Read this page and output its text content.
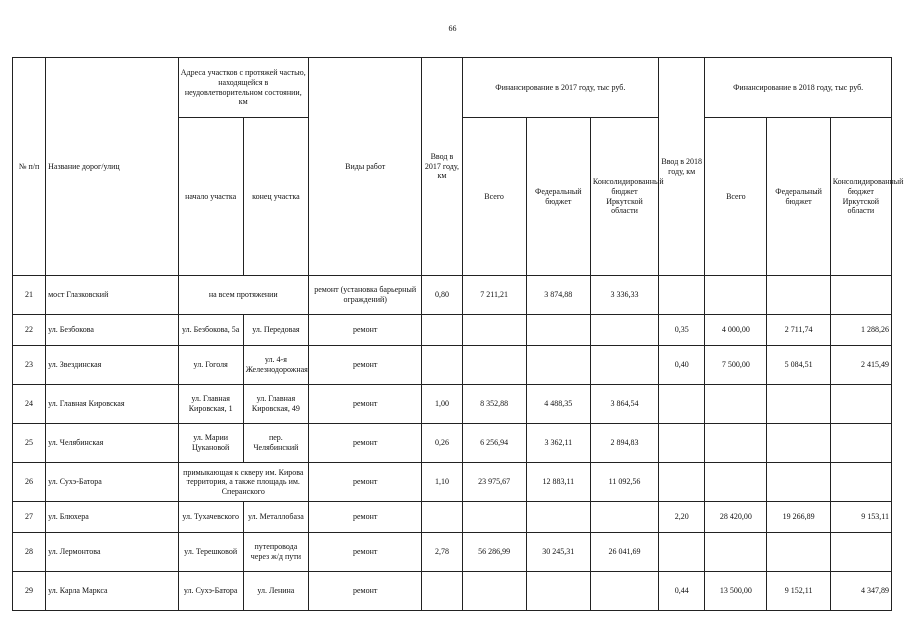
66
№ п/п	Название дорог/улиц	Адреса участков с протяжей частью, находящейся в неудовлетворительном состоянии, км		Виды работ	Ввод в 2017 году, км	Финансирование в 2017 году, тыс руб.			Ввод в 2018 году, км	Финансирование в 2018 году, тыс руб.		
		начало участка	конец участка			Всего	Федеральный бюджет	Консолидированный бюджет Иркутской области		Всего	Федеральный бюджет	Консолидированный бюджет Иркутской области
21	мост Глазковский	на всем протяжении		ремонт (установка барьерный ограждений)	0,80	7 211,21	3 874,88	3 336,33				
22	ул. Безбокова	ул. Безбокова, 5а	ул. Передовая	ремонт					0,35	4 000,00	2 711,74	1 288,26
23	ул. Звездинская	ул. Гоголя	ул. 4-я Железнодорожная	ремонт					0,40	7 500,00	5 084,51	2 415,49
24	ул. Главная Кировская	ул. Главная Кировская, 1	ул. Главная Кировская, 49	ремонт	1,00	8 352,88	4 488,35	3 864,54				
25	ул. Челябинская	ул. Марии Цукановой	пер. Челябинский	ремонт	0,26	6 256,94	3 362,11	2 894,83				
26	ул. Сухэ-Батора	примыкающая к скверу им. Кирова территория, а также площадь им. Сперанского		ремонт	1,10	23 975,67	12 883,11	11 092,56				
27	ул. Блюхера	ул. Тухачевского	ул. Металлобаза	ремонт					2,20	28 420,00	19 266,89	9 153,11
28	ул. Лермонтова	ул. Терешковой	путепровода через ж/д пути	ремонт	2,78	56 286,99	30 245,31	26 041,69				
29	ул. Карла Маркса	ул. Сухэ-Батора	ул. Ленина	ремонт					0,44	13 500,00	9 152,11	4 347,89
